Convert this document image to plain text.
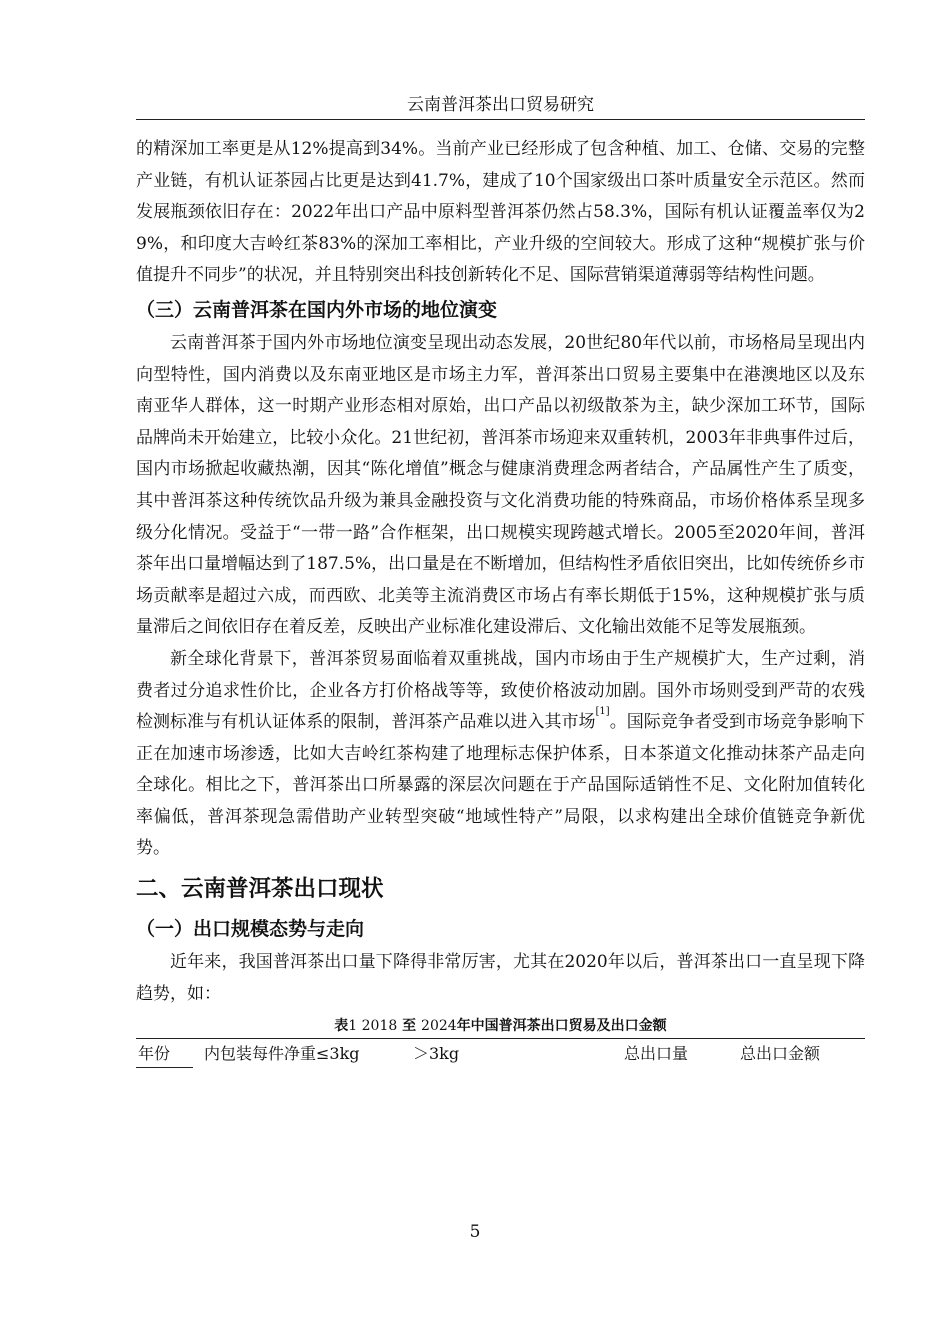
云南普洱茶出口贸易研究

的精深加工率更是从12%提高到34%。当前产业已经形成了包含种植、加工、仓储、交易的完整产业链，有机认证茶园占比更是达到41.7%，建成了10个国家级出口茶叶质量安全示范区。然而发展瓶颈依旧存在：2022年出口产品中原料型普洱茶仍然占58.3%，国际有机认证覆盖率仅为29%，和印度大吉岭红茶83%的深加工率相比，产业升级的空间较大。形成了这种“规模扩张与价值提升不同步”的状况，并且特别突出科技创新转化不足、国际营销渠道薄弱等结构性问题。

（三）云南普洱茶在国内外市场的地位演变

云南普洱茶于国内外市场地位演变呈现出动态发展，20世纪80年代以前，市场格局呈现出内向型特性，国内消费以及东南亚地区是市场主力军，普洱茶出口贸易主要集中在港澳地区以及东南亚华人群体，这一时期产业形态相对原始，出口产品以初级散茶为主，缺少深加工环节，国际品牌尚未开始建立，比较小众化。21世纪初，普洱茶市场迎来双重转机，2003年非典事件过后，国内市场掀起收藏热潮，因其“陈化增值”概念与健康消费理念两者结合，产品属性产生了质变，其中普洱茶这种传统饮品升级为兼具金融投资与文化消费功能的特殊商品，市场价格体系呈现多级分化情况。受益于“一带一路”合作框架，出口规模实现跨越式增长。2005至2020年间，普洱茶年出口量增幅达到了187.5%，出口量是在不断增加，但结构性矛盾依旧突出，比如传统侨乡市场贡献率是超过六成，而西欧、北美等主流消费区市场占有率长期低于15%，这种规模扩张与质量滞后之间依旧存在着反差，反映出产业标准化建设滞后、文化输出效能不足等发展瓶颈。

新全球化背景下，普洱茶贸易面临着双重挑战，国内市场由于生产规模扩大，生产过剩，消费者过分追求性价比，企业各方打价格战等等，致使价格波动加剧。国外市场则受到严苛的农残检测标准与有机认证体系的限制，普洱茶产品难以进入其市场[1]。国际竞争者受到市场竞争影响下正在加速市场渗透，比如大吉岭红茶构建了地理标志保护体系，日本茶道文化推动抹茶产品走向全球化。相比之下，普洱茶出口所暴露的深层次问题在于产品国际适销性不足、文化附加值转化率偏低，普洱茶现急需借助产业转型突破“地域性特产”局限，以求构建出全球价值链竞争新优势。

二、云南普洱茶出口现状
（一）出口规模态势与走向

近年来，我国普洱茶出口量下降得非常厉害，尤其在2020年以后，普洱茶出口一直呈现下降趋势，如：

表1 2018 至 2024年中国普洱茶出口贸易及出口金额

年份 内包装每件净重≤3kg	＞3kg	总出口量	总出口金额
5
